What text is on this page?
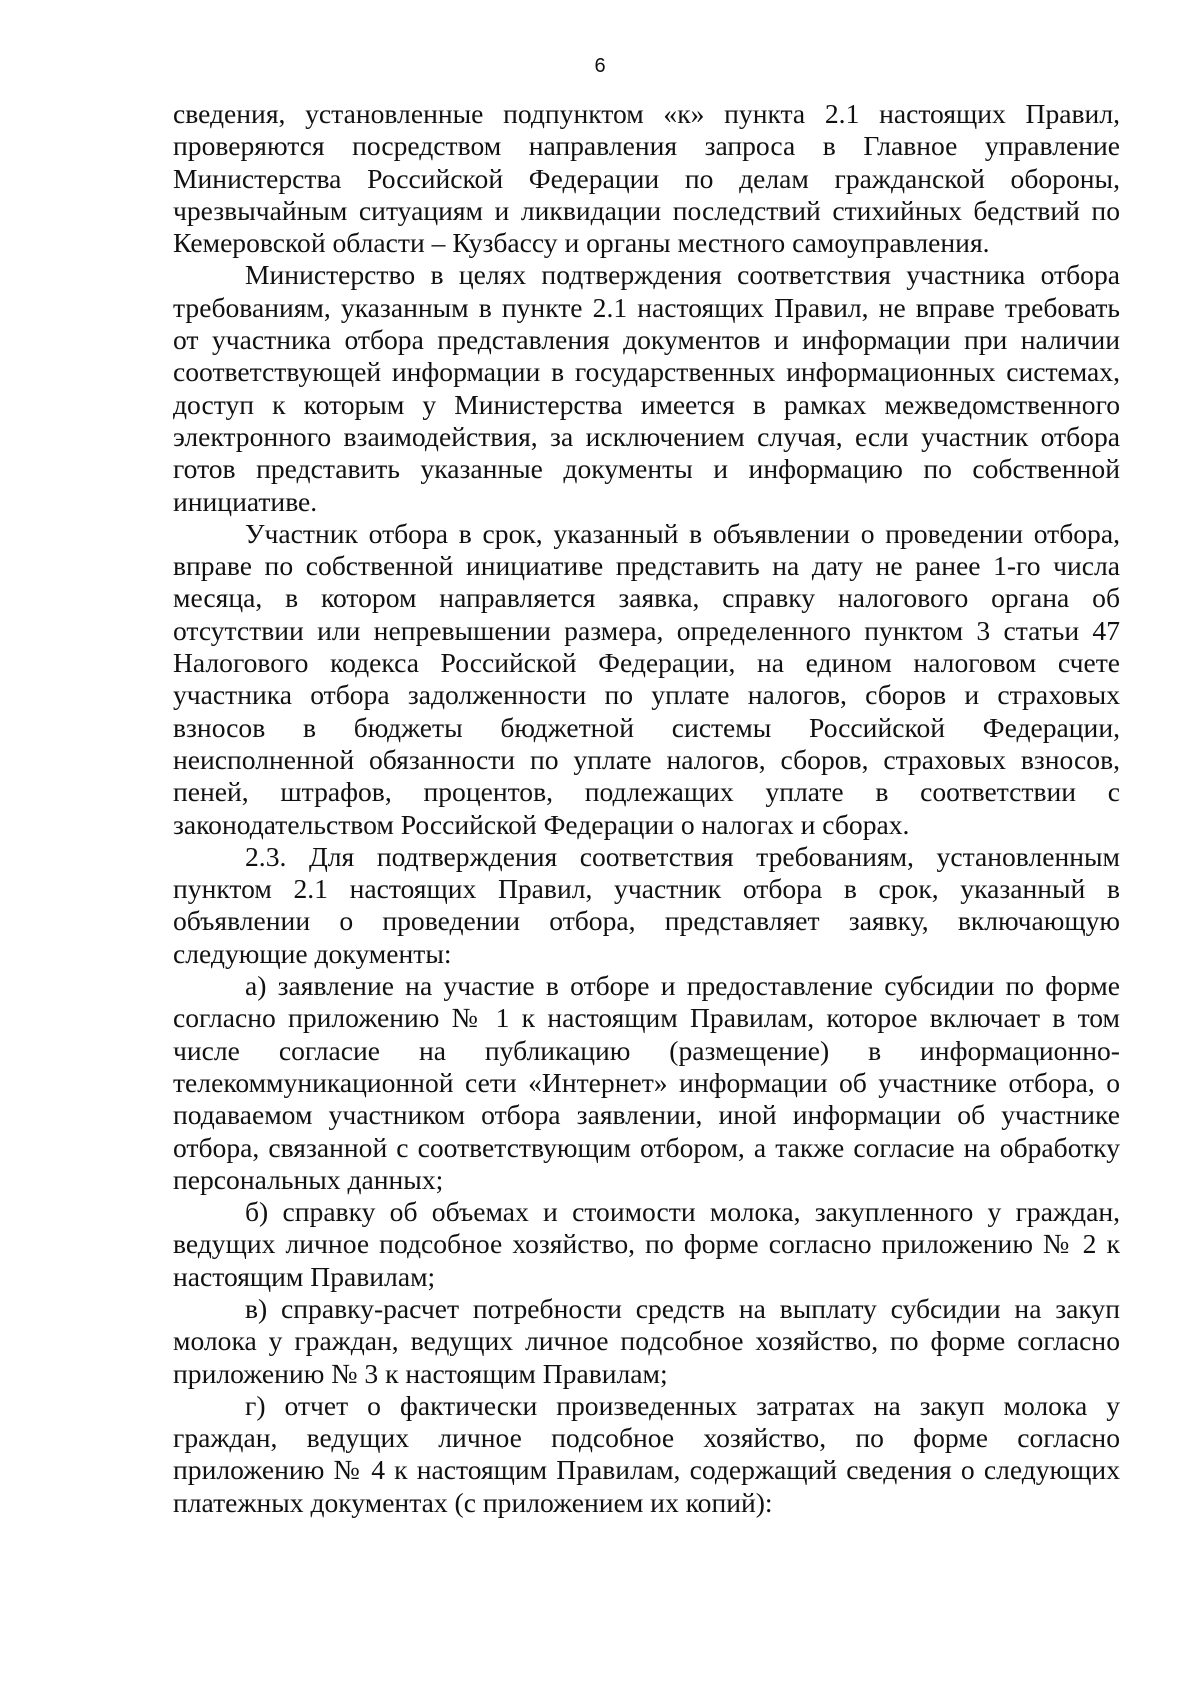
6

сведения, установленные подпунктом «к» пункта 2.1 настоящих Правил, проверяются посредством направления запроса в Главное управление Министерства Российской Федерации по делам гражданской обороны, чрезвычайным ситуациям и ликвидации последствий стихийных бедствий по Кемеровской области – Кузбассу и органы местного самоуправления.

Министерство в целях подтверждения соответствия участника отбора требованиям, указанным в пункте 2.1 настоящих Правил, не вправе требовать от участника отбора представления документов и информации при наличии соответствующей информации в государственных информационных системах, доступ к которым у Министерства имеется в рамках межведомственного электронного взаимодействия, за исключением случая, если участник отбора готов представить указанные документы и информацию по собственной инициативе.

Участник отбора в срок, указанный в объявлении о проведении отбора, вправе по собственной инициативе представить на дату не ранее 1-го числа месяца, в котором направляется заявка, справку налогового органа об отсутствии или непревышении размера, определенного пунктом 3 статьи 47 Налогового кодекса Российской Федерации, на едином налоговом счете участника отбора задолженности по уплате налогов, сборов и страховых взносов в бюджеты бюджетной системы Российской Федерации, неисполненной обязанности по уплате налогов, сборов, страховых взносов, пеней, штрафов, процентов, подлежащих уплате в соответствии с законодательством Российской Федерации о налогах и сборах.

2.3. Для подтверждения соответствия требованиям, установленным пунктом 2.1 настоящих Правил, участник отбора в срок, указанный в объявлении о проведении отбора, представляет заявку, включающую следующие документы:

а) заявление на участие в отборе и предоставление субсидии по форме согласно приложению № 1 к настоящим Правилам, которое включает в том числе согласие на публикацию (размещение) в информационно-телекоммуникационной сети «Интернет» информации об участнике отбора, о подаваемом участником отбора заявлении, иной информации об участнике отбора, связанной с соответствующим отбором, а также согласие на обработку персональных данных;

б) справку об объемах и стоимости молока, закупленного у граждан, ведущих личное подсобное хозяйство, по форме согласно приложению № 2 к настоящим Правилам;

в) справку-расчет потребности средств на выплату субсидии на закуп молока у граждан, ведущих личное подсобное хозяйство, по форме согласно приложению № 3 к настоящим Правилам;

г) отчет о фактически произведенных затратах на закуп молока у граждан, ведущих личное подсобное хозяйство, по форме согласно приложению № 4 к настоящим Правилам, содержащий сведения о следующих платежных документах (с приложением их копий):
